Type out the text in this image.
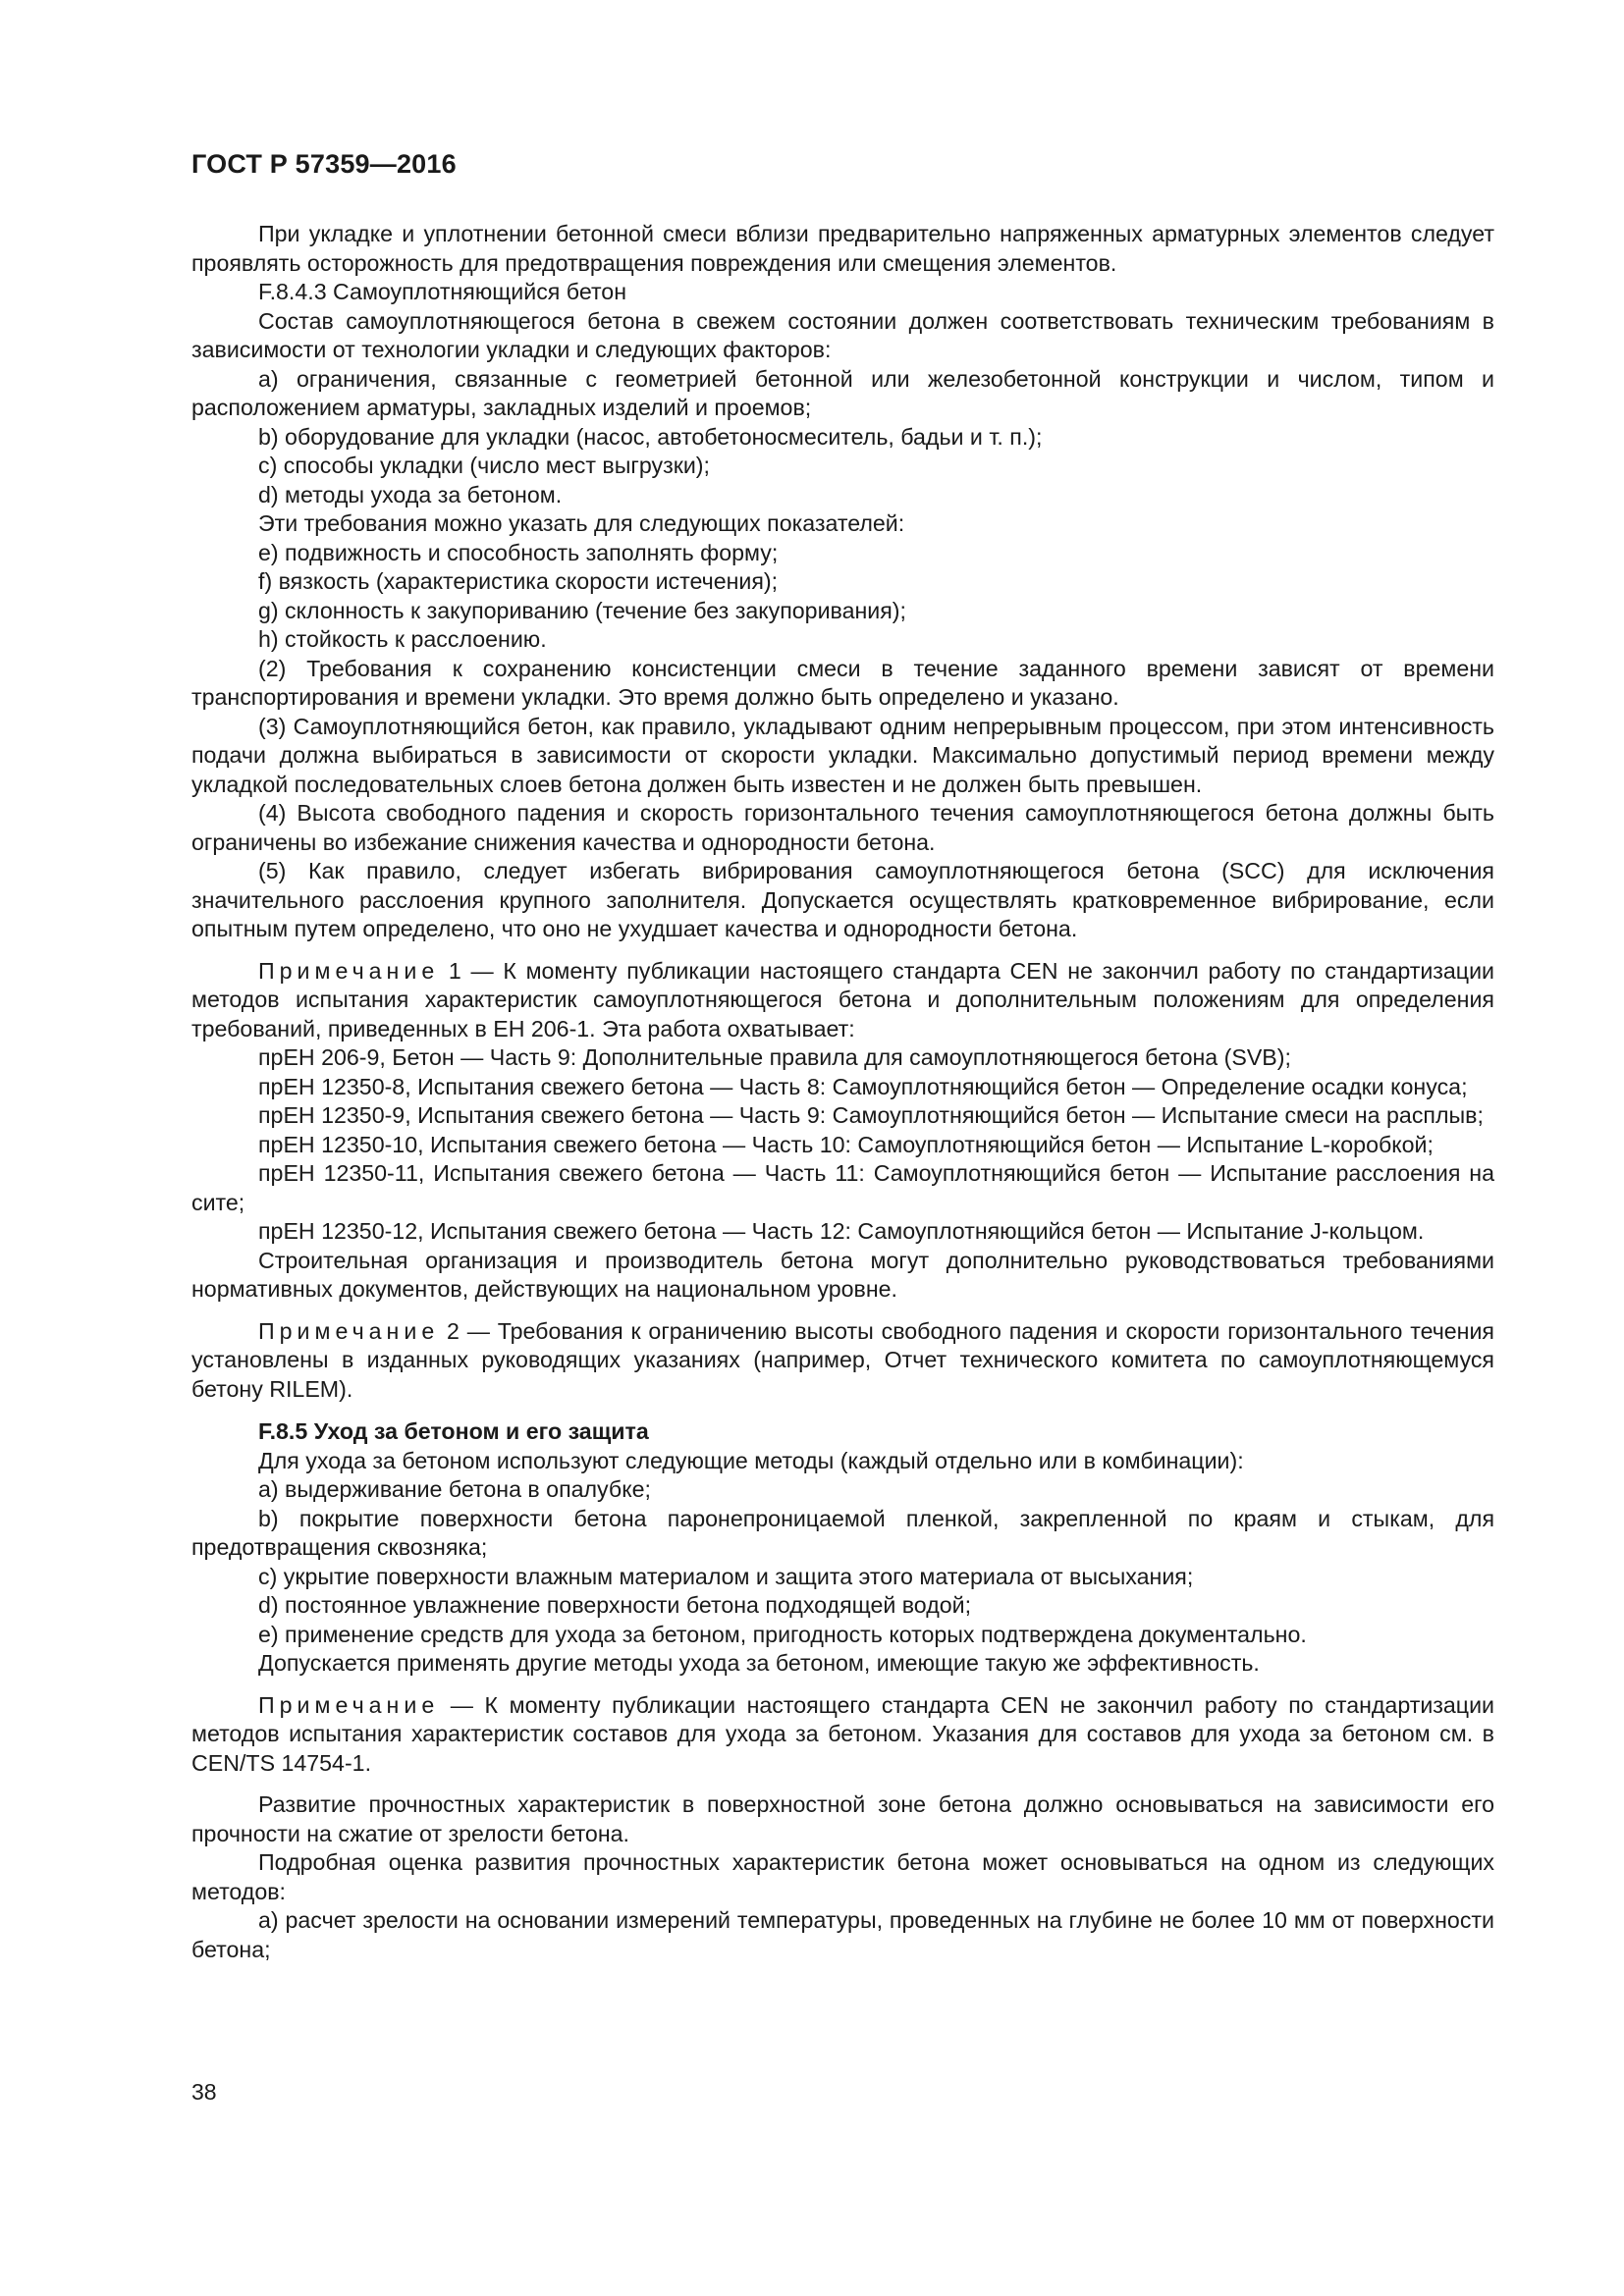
ГОСТ Р 57359—2016

При укладке и уплотнении бетонной смеси вблизи предварительно напряженных арматурных элементов следует проявлять осторожность для предотвращения повреждения или смещения элементов.

F.8.4.3 Самоуплотняющийся бетон

Состав самоуплотняющегося бетона в свежем состоянии должен соответствовать техническим требованиям в зависимости от технологии укладки и следующих факторов:

a) ограничения, связанные с геометрией бетонной или железобетонной конструкции и числом, типом и расположением арматуры, закладных изделий и проемов;

b) оборудование для укладки (насос, автобетоносмеситель, бадьи и т. п.);

c) способы укладки (число мест выгрузки);

d) методы ухода за бетоном.

Эти требования можно указать для следующих показателей:

e) подвижность и способность заполнять форму;

f) вязкость (характеристика скорости истечения);

g) склонность к закупориванию (течение без закупоривания);

h) стойкость к расслоению.

(2) Требования к сохранению консистенции смеси в течение заданного времени зависят от времени транспортирования и времени укладки. Это время должно быть определено и указано.

(3) Самоуплотняющийся бетон, как правило, укладывают одним непрерывным процессом, при этом интенсивность подачи должна выбираться в зависимости от скорости укладки. Максимально допустимый период времени между укладкой последовательных слоев бетона должен быть известен и не должен быть превышен.

(4) Высота свободного падения и скорость горизонтального течения самоуплотняющегося бетона должны быть ограничены во избежание снижения качества и однородности бетона.

(5) Как правило, следует избегать вибрирования самоуплотняющегося бетона (SCC) для исключения значительного расслоения крупного заполнителя. Допускается осуществлять кратковременное вибрирование, если опытным путем определено, что оно не ухудшает качества и однородности бетона.

Примечание 1 — К моменту публикации настоящего стандарта CEN не закончил работу по стандартизации методов испытания характеристик самоуплотняющегося бетона и дополнительным положениям для определения требований, приведенных в ЕН 206-1. Эта работа охватывает:

прЕН 206-9, Бетон — Часть 9: Дополнительные правила для самоуплотняющегося бетона (SVB);

прЕН 12350-8, Испытания свежего бетона — Часть 8: Самоуплотняющийся бетон — Определение осадки конуса;

прЕН 12350-9, Испытания свежего бетона — Часть 9: Самоуплотняющийся бетон — Испытание смеси на расплыв;

прЕН 12350-10, Испытания свежего бетона — Часть 10: Самоуплотняющийся бетон — Испытание L-коробкой;

прЕН 12350-11, Испытания свежего бетона — Часть 11: Самоуплотняющийся бетон — Испытание расслоения на сите;

прЕН 12350-12, Испытания свежего бетона — Часть 12: Самоуплотняющийся бетон — Испытание J-кольцом.

Строительная организация и производитель бетона могут дополнительно руководствоваться требованиями нормативных документов, действующих на национальном уровне.

Примечание 2 — Требования к ограничению высоты свободного падения и скорости горизонтального течения установлены в изданных руководящих указаниях (например, Отчет технического комитета по самоуплотняющемуся бетону RILEM).

F.8.5 Уход за бетоном и его защита

Для ухода за бетоном используют следующие методы (каждый отдельно или в комбинации):

a) выдерживание бетона в опалубке;

b) покрытие поверхности бетона паронепроницаемой пленкой, закрепленной по краям и стыкам, для предотвращения сквозняка;

c) укрытие поверхности влажным материалом и защита этого материала от высыхания;

d) постоянное увлажнение поверхности бетона подходящей водой;

e) применение средств для ухода за бетоном, пригодность которых подтверждена документально.

Допускается применять другие методы ухода за бетоном, имеющие такую же эффективность.

Примечание — К моменту публикации настоящего стандарта CEN не закончил работу по стандартизации методов испытания характеристик составов для ухода за бетоном. Указания для составов для ухода за бетоном см. в CEN/TS 14754-1.

Развитие прочностных характеристик в поверхностной зоне бетона должно основываться на зависимости его прочности на сжатие от зрелости бетона.

Подробная оценка развития прочностных характеристик бетона может основываться на одном из следующих методов:

a) расчет зрелости на основании измерений температуры, проведенных на глубине не более 10 мм от поверхности бетона;

38
